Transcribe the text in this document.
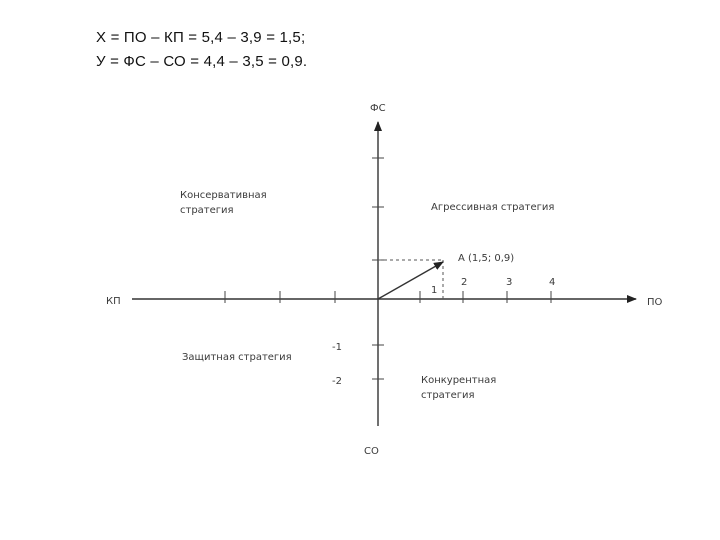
Х = ПО – КП = 5,4 – 3,9 = 1,5;
У = ФС – СО = 4,4 – 3,5 = 0,9.
ФС
СО
КП	ПО
Консервативная стратегия	Агрессивная стратегия
Защитная стратегия
Конкурентная стратегия
А (1,5; 0,9)
1
2	3	4
-1
-2
